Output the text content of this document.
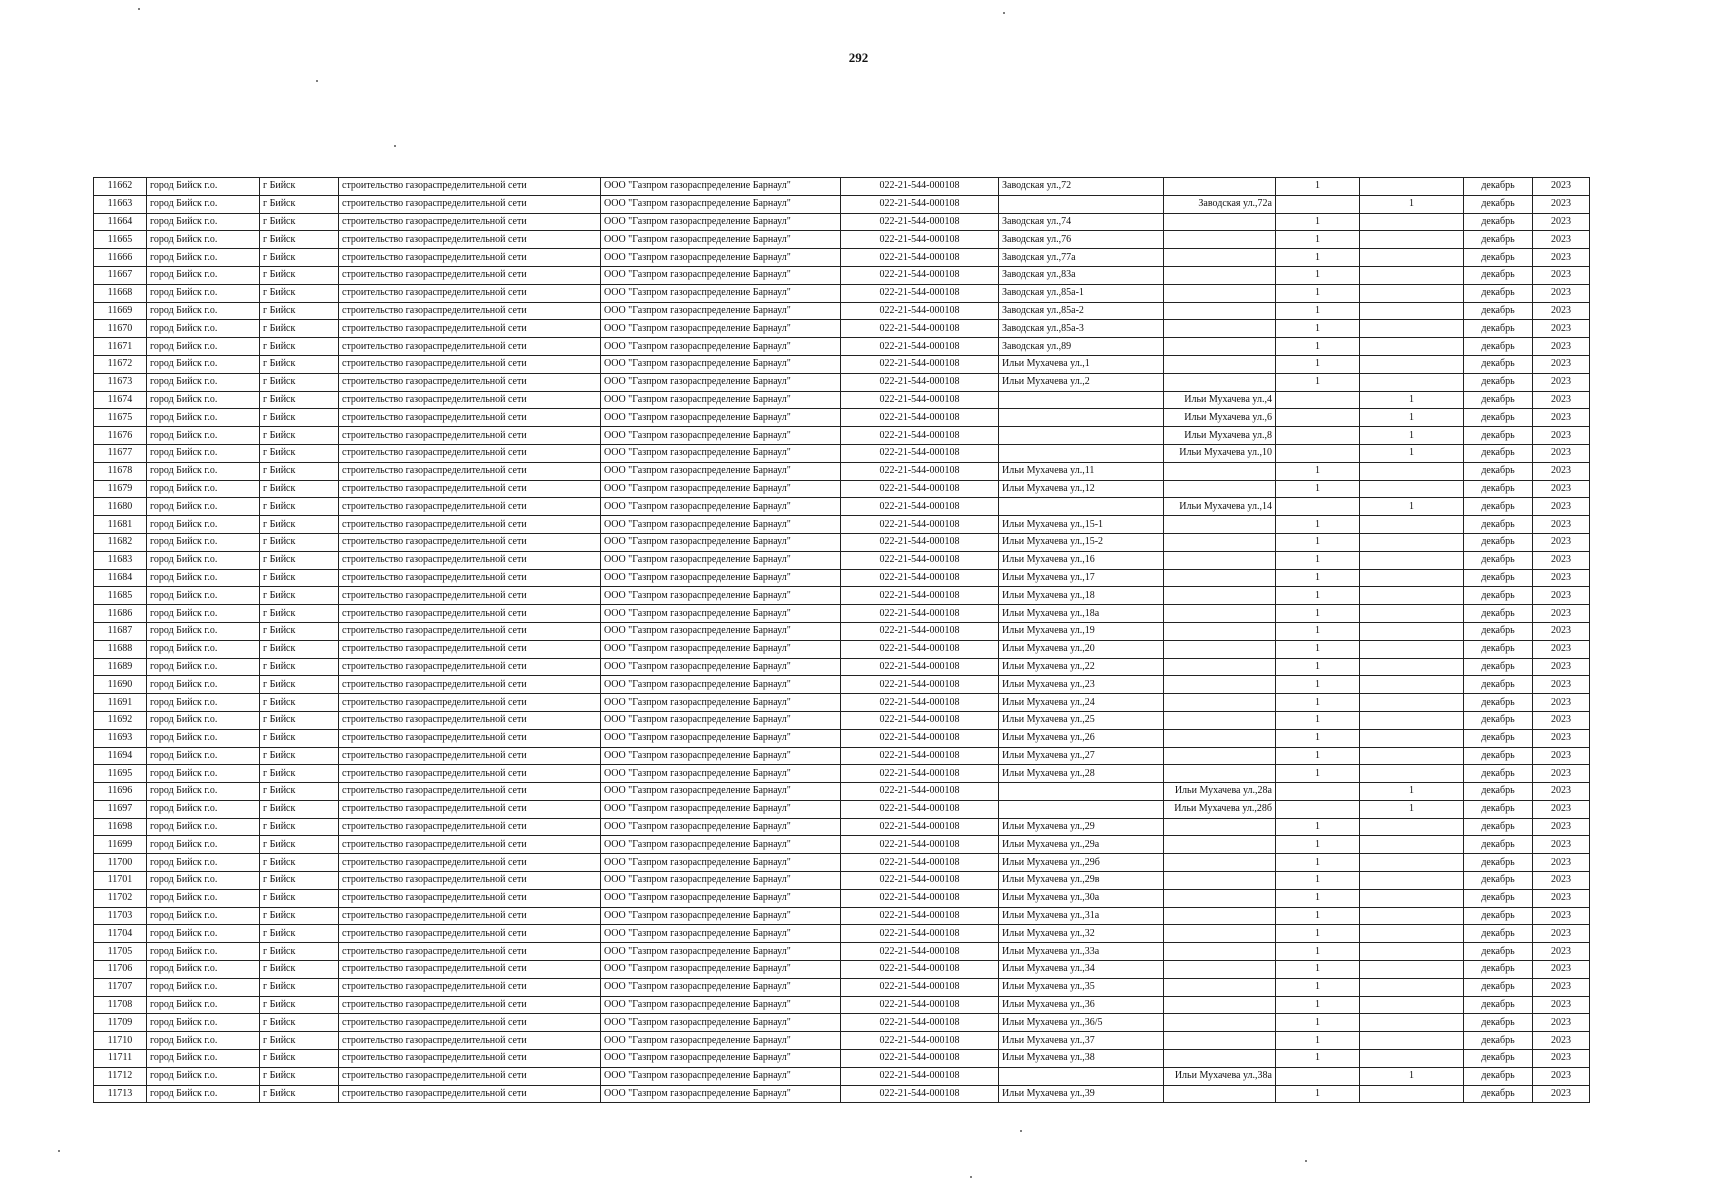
292
11662	город Бийск г.о.	г Бийск	строительство газораспределительной сети	ООО "Газпром газораспределение Барнаул"	022-21-544-000108	Заводская ул.,72		1		декабрь	2023
11663	город Бийск г.о.	г Бийск	строительство газораспределительной сети	ООО "Газпром газораспределение Барнаул"	022-21-544-000108		Заводская ул.,72а		1	декабрь	2023
11664	город Бийск г.о.	г Бийск	строительство газораспределительной сети	ООО "Газпром газораспределение Барнаул"	022-21-544-000108	Заводская ул.,74		1		декабрь	2023
11665	город Бийск г.о.	г Бийск	строительство газораспределительной сети	ООО "Газпром газораспределение Барнаул"	022-21-544-000108	Заводская ул.,76		1		декабрь	2023
11666	город Бийск г.о.	г Бийск	строительство газораспределительной сети	ООО "Газпром газораспределение Барнаул"	022-21-544-000108	Заводская ул.,77а		1		декабрь	2023
11667	город Бийск г.о.	г Бийск	строительство газораспределительной сети	ООО "Газпром газораспределение Барнаул"	022-21-544-000108	Заводская ул.,83а		1		декабрь	2023
11668	город Бийск г.о.	г Бийск	строительство газораспределительной сети	ООО "Газпром газораспределение Барнаул"	022-21-544-000108	Заводская ул.,85а-1		1		декабрь	2023
11669	город Бийск г.о.	г Бийск	строительство газораспределительной сети	ООО "Газпром газораспределение Барнаул"	022-21-544-000108	Заводская ул.,85а-2		1		декабрь	2023
11670	город Бийск г.о.	г Бийск	строительство газораспределительной сети	ООО "Газпром газораспределение Барнаул"	022-21-544-000108	Заводская ул.,85а-3		1		декабрь	2023
11671	город Бийск г.о.	г Бийск	строительство газораспределительной сети	ООО "Газпром газораспределение Барнаул"	022-21-544-000108	Заводская ул.,89		1		декабрь	2023
11672	город Бийск г.о.	г Бийск	строительство газораспределительной сети	ООО "Газпром газораспределение Барнаул"	022-21-544-000108	Ильи Мухачева ул.,1		1		декабрь	2023
11673	город Бийск г.о.	г Бийск	строительство газораспределительной сети	ООО "Газпром газораспределение Барнаул"	022-21-544-000108	Ильи Мухачева ул.,2		1		декабрь	2023
11674	город Бийск г.о.	г Бийск	строительство газораспределительной сети	ООО "Газпром газораспределение Барнаул"	022-21-544-000108		Ильи Мухачева ул.,4		1	декабрь	2023
11675	город Бийск г.о.	г Бийск	строительство газораспределительной сети	ООО "Газпром газораспределение Барнаул"	022-21-544-000108		Ильи Мухачева ул.,6		1	декабрь	2023
11676	город Бийск г.о.	г Бийск	строительство газораспределительной сети	ООО "Газпром газораспределение Барнаул"	022-21-544-000108		Ильи Мухачева ул.,8		1	декабрь	2023
11677	город Бийск г.о.	г Бийск	строительство газораспределительной сети	ООО "Газпром газораспределение Барнаул"	022-21-544-000108		Ильи Мухачева ул.,10		1	декабрь	2023
11678	город Бийск г.о.	г Бийск	строительство газораспределительной сети	ООО "Газпром газораспределение Барнаул"	022-21-544-000108	Ильи Мухачева ул.,11		1		декабрь	2023
11679	город Бийск г.о.	г Бийск	строительство газораспределительной сети	ООО "Газпром газораспределение Барнаул"	022-21-544-000108	Ильи Мухачева ул.,12		1		декабрь	2023
11680	город Бийск г.о.	г Бийск	строительство газораспределительной сети	ООО "Газпром газораспределение Барнаул"	022-21-544-000108		Ильи Мухачева ул.,14		1	декабрь	2023
11681	город Бийск г.о.	г Бийск	строительство газораспределительной сети	ООО "Газпром газораспределение Барнаул"	022-21-544-000108	Ильи Мухачева ул.,15-1		1		декабрь	2023
11682	город Бийск г.о.	г Бийск	строительство газораспределительной сети	ООО "Газпром газораспределение Барнаул"	022-21-544-000108	Ильи Мухачева ул.,15-2		1		декабрь	2023
11683	город Бийск г.о.	г Бийск	строительство газораспределительной сети	ООО "Газпром газораспределение Барнаул"	022-21-544-000108	Ильи Мухачева ул.,16		1		декабрь	2023
11684	город Бийск г.о.	г Бийск	строительство газораспределительной сети	ООО "Газпром газораспределение Барнаул"	022-21-544-000108	Ильи Мухачева ул.,17		1		декабрь	2023
11685	город Бийск г.о.	г Бийск	строительство газораспределительной сети	ООО "Газпром газораспределение Барнаул"	022-21-544-000108	Ильи Мухачева ул.,18		1		декабрь	2023
11686	город Бийск г.о.	г Бийск	строительство газораспределительной сети	ООО "Газпром газораспределение Барнаул"	022-21-544-000108	Ильи Мухачева ул.,18а		1		декабрь	2023
11687	город Бийск г.о.	г Бийск	строительство газораспределительной сети	ООО "Газпром газораспределение Барнаул"	022-21-544-000108	Ильи Мухачева ул.,19		1		декабрь	2023
11688	город Бийск г.о.	г Бийск	строительство газораспределительной сети	ООО "Газпром газораспределение Барнаул"	022-21-544-000108	Ильи Мухачева ул.,20		1		декабрь	2023
11689	город Бийск г.о.	г Бийск	строительство газораспределительной сети	ООО "Газпром газораспределение Барнаул"	022-21-544-000108	Ильи Мухачева ул.,22		1		декабрь	2023
11690	город Бийск г.о.	г Бийск	строительство газораспределительной сети	ООО "Газпром газораспределение Барнаул"	022-21-544-000108	Ильи Мухачева ул.,23		1		декабрь	2023
11691	город Бийск г.о.	г Бийск	строительство газораспределительной сети	ООО "Газпром газораспределение Барнаул"	022-21-544-000108	Ильи Мухачева ул.,24		1		декабрь	2023
11692	город Бийск г.о.	г Бийск	строительство газораспределительной сети	ООО "Газпром газораспределение Барнаул"	022-21-544-000108	Ильи Мухачева ул.,25		1		декабрь	2023
11693	город Бийск г.о.	г Бийск	строительство газораспределительной сети	ООО "Газпром газораспределение Барнаул"	022-21-544-000108	Ильи Мухачева ул.,26		1		декабрь	2023
11694	город Бийск г.о.	г Бийск	строительство газораспределительной сети	ООО "Газпром газораспределение Барнаул"	022-21-544-000108	Ильи Мухачева ул.,27		1		декабрь	2023
11695	город Бийск г.о.	г Бийск	строительство газораспределительной сети	ООО "Газпром газораспределение Барнаул"	022-21-544-000108	Ильи Мухачева ул.,28		1		декабрь	2023
11696	город Бийск г.о.	г Бийск	строительство газораспределительной сети	ООО "Газпром газораспределение Барнаул"	022-21-544-000108		Ильи Мухачева ул.,28а		1	декабрь	2023
11697	город Бийск г.о.	г Бийск	строительство газораспределительной сети	ООО "Газпром газораспределение Барнаул"	022-21-544-000108		Ильи Мухачева ул.,28б		1	декабрь	2023
11698	город Бийск г.о.	г Бийск	строительство газораспределительной сети	ООО "Газпром газораспределение Барнаул"	022-21-544-000108	Ильи Мухачева ул.,29		1		декабрь	2023
11699	город Бийск г.о.	г Бийск	строительство газораспределительной сети	ООО "Газпром газораспределение Барнаул"	022-21-544-000108	Ильи Мухачева ул.,29а		1		декабрь	2023
11700	город Бийск г.о.	г Бийск	строительство газораспределительной сети	ООО "Газпром газораспределение Барнаул"	022-21-544-000108	Ильи Мухачева ул.,29б		1		декабрь	2023
11701	город Бийск г.о.	г Бийск	строительство газораспределительной сети	ООО "Газпром газораспределение Барнаул"	022-21-544-000108	Ильи Мухачева ул.,29в		1		декабрь	2023
11702	город Бийск г.о.	г Бийск	строительство газораспределительной сети	ООО "Газпром газораспределение Барнаул"	022-21-544-000108	Ильи Мухачева ул.,30а		1		декабрь	2023
11703	город Бийск г.о.	г Бийск	строительство газораспределительной сети	ООО "Газпром газораспределение Барнаул"	022-21-544-000108	Ильи Мухачева ул.,31а		1		декабрь	2023
11704	город Бийск г.о.	г Бийск	строительство газораспределительной сети	ООО "Газпром газораспределение Барнаул"	022-21-544-000108	Ильи Мухачева ул.,32		1		декабрь	2023
11705	город Бийск г.о.	г Бийск	строительство газораспределительной сети	ООО "Газпром газораспределение Барнаул"	022-21-544-000108	Ильи Мухачева ул.,33а		1		декабрь	2023
11706	город Бийск г.о.	г Бийск	строительство газораспределительной сети	ООО "Газпром газораспределение Барнаул"	022-21-544-000108	Ильи Мухачева ул.,34		1		декабрь	2023
11707	город Бийск г.о.	г Бийск	строительство газораспределительной сети	ООО "Газпром газораспределение Барнаул"	022-21-544-000108	Ильи Мухачева ул.,35		1		декабрь	2023
11708	город Бийск г.о.	г Бийск	строительство газораспределительной сети	ООО "Газпром газораспределение Барнаул"	022-21-544-000108	Ильи Мухачева ул.,36		1		декабрь	2023
11709	город Бийск г.о.	г Бийск	строительство газораспределительной сети	ООО "Газпром газораспределение Барнаул"	022-21-544-000108	Ильи Мухачева ул.,36/5		1		декабрь	2023
11710	город Бийск г.о.	г Бийск	строительство газораспределительной сети	ООО "Газпром газораспределение Барнаул"	022-21-544-000108	Ильи Мухачева ул.,37		1		декабрь	2023
11711	город Бийск г.о.	г Бийск	строительство газораспределительной сети	ООО "Газпром газораспределение Барнаул"	022-21-544-000108	Ильи Мухачева ул.,38		1		декабрь	2023
11712	город Бийск г.о.	г Бийск	строительство газораспределительной сети	ООО "Газпром газораспределение Барнаул"	022-21-544-000108		Ильи Мухачева ул.,38а		1	декабрь	2023
11713	город Бийск г.о.	г Бийск	строительство газораспределительной сети	ООО "Газпром газораспределение Барнаул"	022-21-544-000108	Ильи Мухачева ул.,39		1		декабрь	2023
